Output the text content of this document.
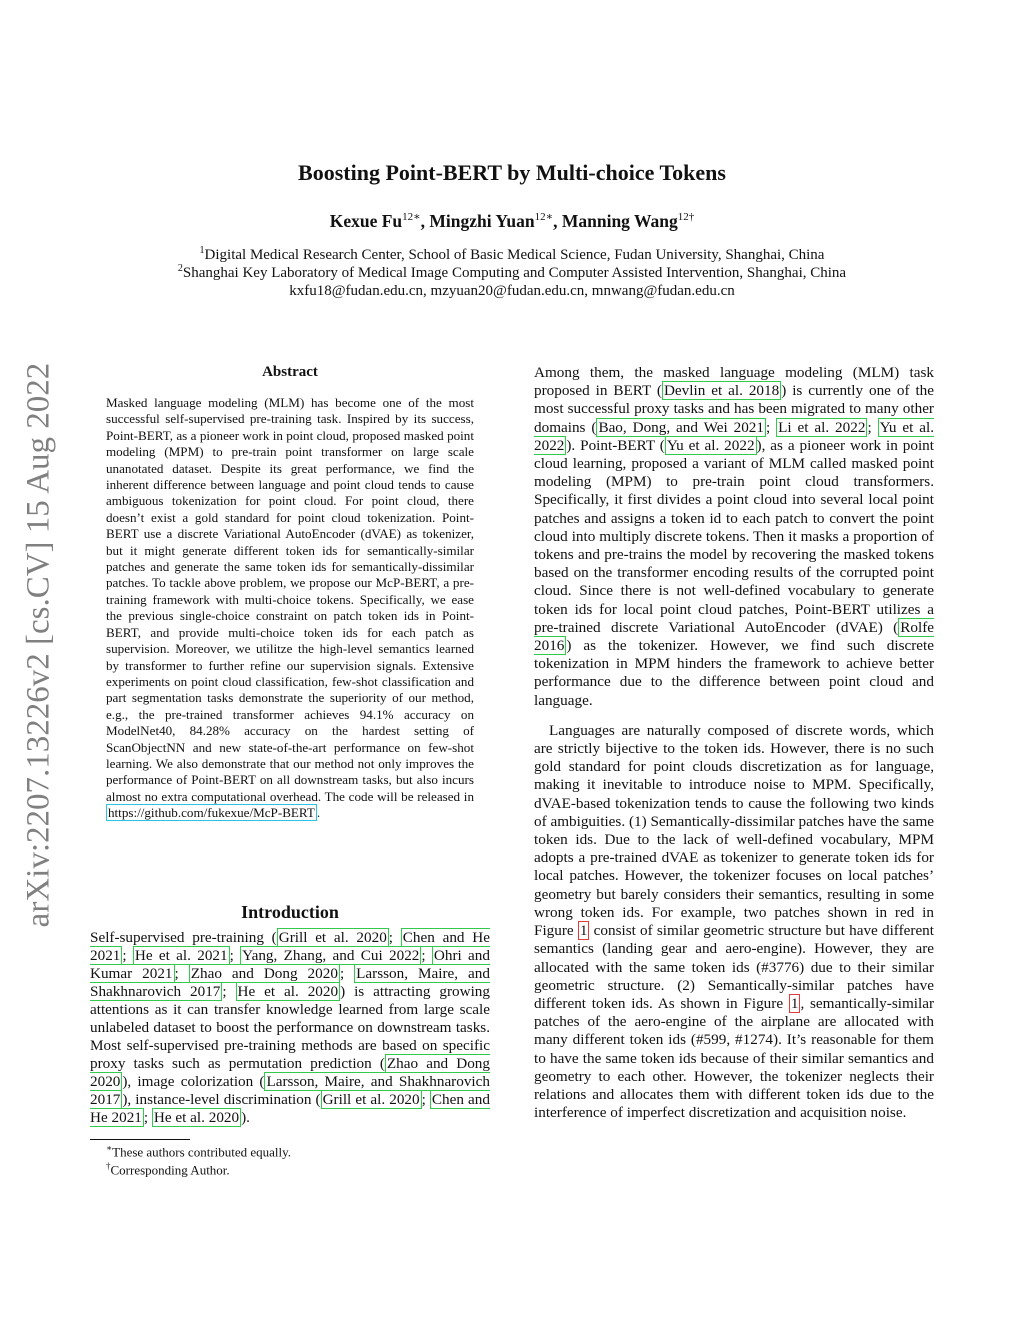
arXiv:2207.13226v2 [cs.CV] 15 Aug 2022
Boosting Point-BERT by Multi-choice Tokens
Kexue $Fu^{12∗}$, Mingzhi Yuan$^{12∗}$, Manning Wang$^{12\dagger}$
$^1$Digital Medical Research Center, School of Basic Medical Science, Fudan University, Shanghai, China
$^2$Shanghai Key Laboratory of Medical Image Computing and Computer Assisted Intervention, Shanghai, China
kxfu18@fudan.edu.cn, mzyuan20@fudan.edu.cn, mnwang@fudan.edu.cn
Abstract
Masked language modeling (MLM) has become one of the most successful self-supervised pre-training task. Inspired by its success, Point-BERT, as a pioneer work in point cloud, proposed masked point modeling (MPM) to pre-train point transformer on large scale unanotated dataset. Despite its great performance, we find the inherent difference between language and point cloud tends to cause ambiguous tokenization for point cloud. For point cloud, there doesn’t exist a gold standard for point cloud tokenization. Point-BERT use a discrete Variational AutoEncoder (dVAE) as tokenizer, but it might generate different token ids for semantically-similar patches and generate the same token ids for semantically-dissimilar patches. To tackle above problem, we propose our McP-BERT, a pre-training framework with multi-choice tokens. Specifically, we ease the previous single-choice constraint on patch token ids in Point-BERT, and provide multi-choice token ids for each patch as supervision. Moreover, we utilitze the high-level semantics learned by transformer to further refine our supervision signals. Extensive experiments on point cloud classification, few-shot classification and part segmentation tasks demonstrate the superiority of our method, e.g., the pre-trained transformer achieves 94.1% accuracy on ModelNet40, 84.28% accuracy on the hardest setting of ScanObjectNN and new state-of-the-art performance on few-shot learning. We also demonstrate that our method not only improves the performance of Point-BERT on all downstream tasks, but also incurs almost no extra computational overhead. The code will be released in https://github.com/fukexue/McP-BERT .
Introduction
Self-supervised pre-training ( Grill et al. 2020 ; Chen and He 2021 ; He et al. 2021 ; Yang, Zhang, and Cui 2022 ; Ohri and Kumar 2021 ; Zhao and Dong 2020 ; Larsson, Maire, and Shakhnarovich 2017 ; He et al. 2020 ) is attracting growing attentions as it can transfer knowledge learned from large scale unlabeled dataset to boost the performance on downstream tasks. Most self-supervised pre-training methods are based on specific proxy tasks such as permutation prediction ( Zhao and Dong 2020 ), image colorization ( Larsson, Maire, and Shakhnarovich 2017 ), instance-level discrimination ( Grill et al. 2020 ; Chen and He 2021 ; He et al. 2020 ).

Among them, the masked language modeling (MLM) task proposed in BERT ( Devlin et al. 2018 ) is currently one of the most successful proxy tasks and has been migrated to many other domains ( Bao, Dong, and Wei 2021 ; Li et al. 2022 ; Yu et al. 2022 ). Point-BERT ( Yu et al. 2022 ), as a pioneer work in point cloud learning, proposed a variant of MLM called masked point modeling (MPM) to pre-train point cloud transformers. Specifically, it first divides a point cloud into several local point patches and assigns a token id to each patch to convert the point cloud into multiply discrete tokens. Then it masks a proportion of tokens and pre-trains the model by recovering the masked tokens based on the transformer encoding results of the corrupted point cloud. Since there is not well-defined vocabulary to generate token ids for local point cloud patches, Point-BERT utilizes a pre-trained discrete Variational AutoEncoder (dVAE) ( Rolfe 2016 ) as the tokenizer. However, we find such discrete tokenization in MPM hinders the framework to achieve better performance due to the difference between point cloud and language.

Languages are naturally composed of discrete words, which are strictly bijective to the token ids. However, there is no such gold standard for point clouds discretization as for language, making it inevitable to introduce noise to MPM. Specifically, dVAE-based tokenization tends to cause the following two kinds of ambiguities. (1) Semantically-dissimilar patches have the same token ids. Due to the lack of well-defined vocabulary, MPM adopts a pre-trained dVAE as tokenizer to generate token ids for local patches. However, the tokenizer focuses on local patches’ geometry but barely considers their semantics, resulting in some wrong token ids. For example, two patches shown in red in Figure 1 consist of similar geometric structure but have different semantics (landing gear and aero-engine). However, they are allocated with the same token ids (#3776) due to their similar geometric structure. (2) Semantically-similar patches have different token ids. As shown in Figure 1 , semantically-similar patches of the aero-engine of the airplane are allocated with many different token ids (#599, #1274). It’s reasonable for them to have the same token ids because of their similar semantics and geometry to each other. However, the tokenizer neglects their relations and allocates them with different token ids due to the interference of imperfect discretization and acquisition noise.

∗These authors contributed equally.
†Corresponding Author.
